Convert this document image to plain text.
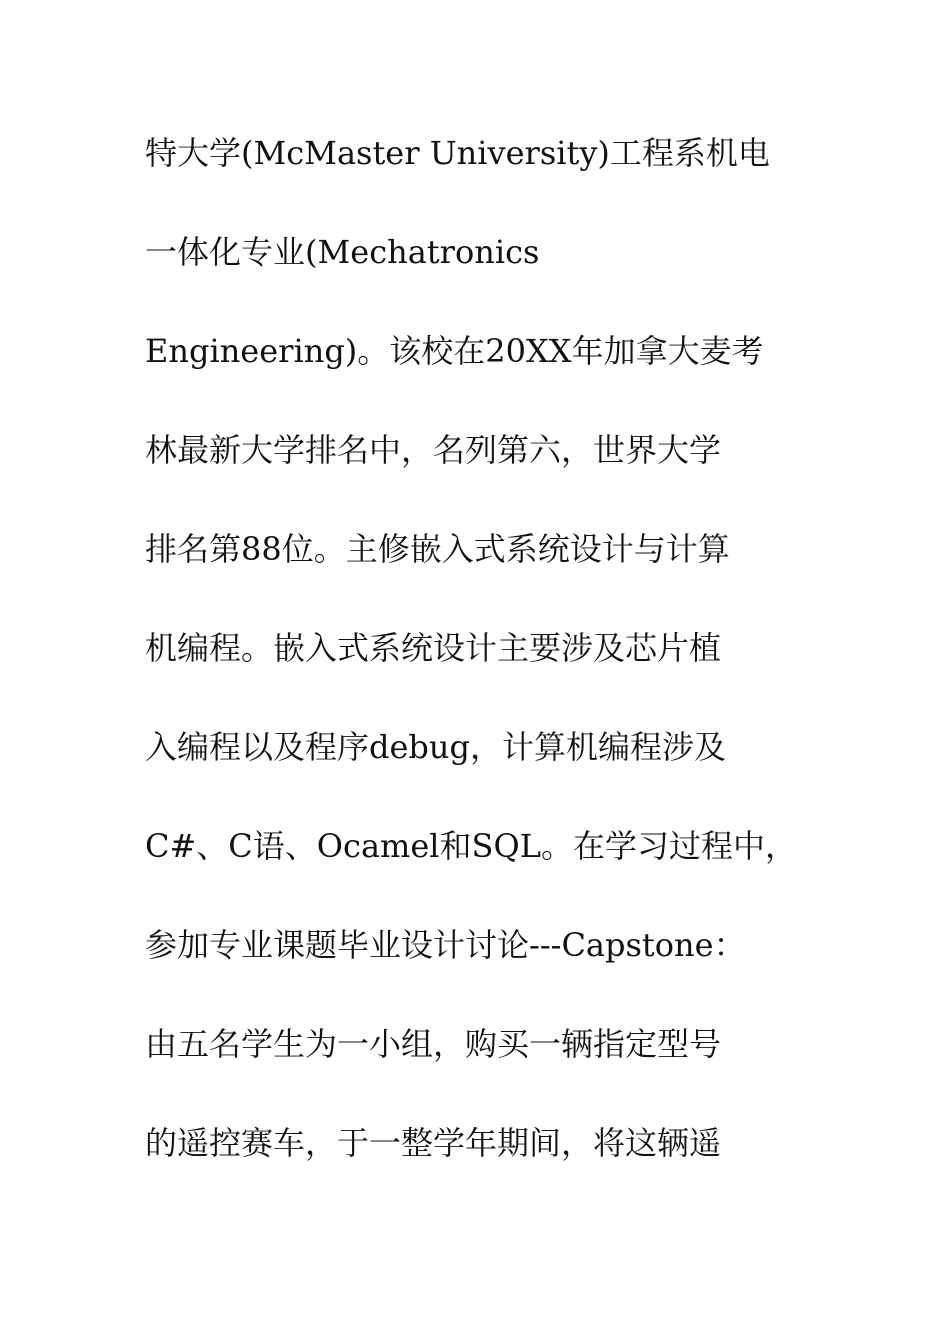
特大学(McMaster University)工程系机电
一体化专业(Mechatronics
Engineering)。该校在20XX年加拿大麦考
林最新大学排名中，名列第六，世界大学
排名第88位。主修嵌入式系统设计与计算
机编程。嵌入式系统设计主要涉及芯片植
入编程以及程序debug，计算机编程涉及
C#、C语、Ocamel和SQL。在学习过程中，
参加专业课题毕业设计讨论---Capstone：
由五名学生为一小组，购买一辆指定型号
的遥控赛车，于一整学年期间，将这辆遥
